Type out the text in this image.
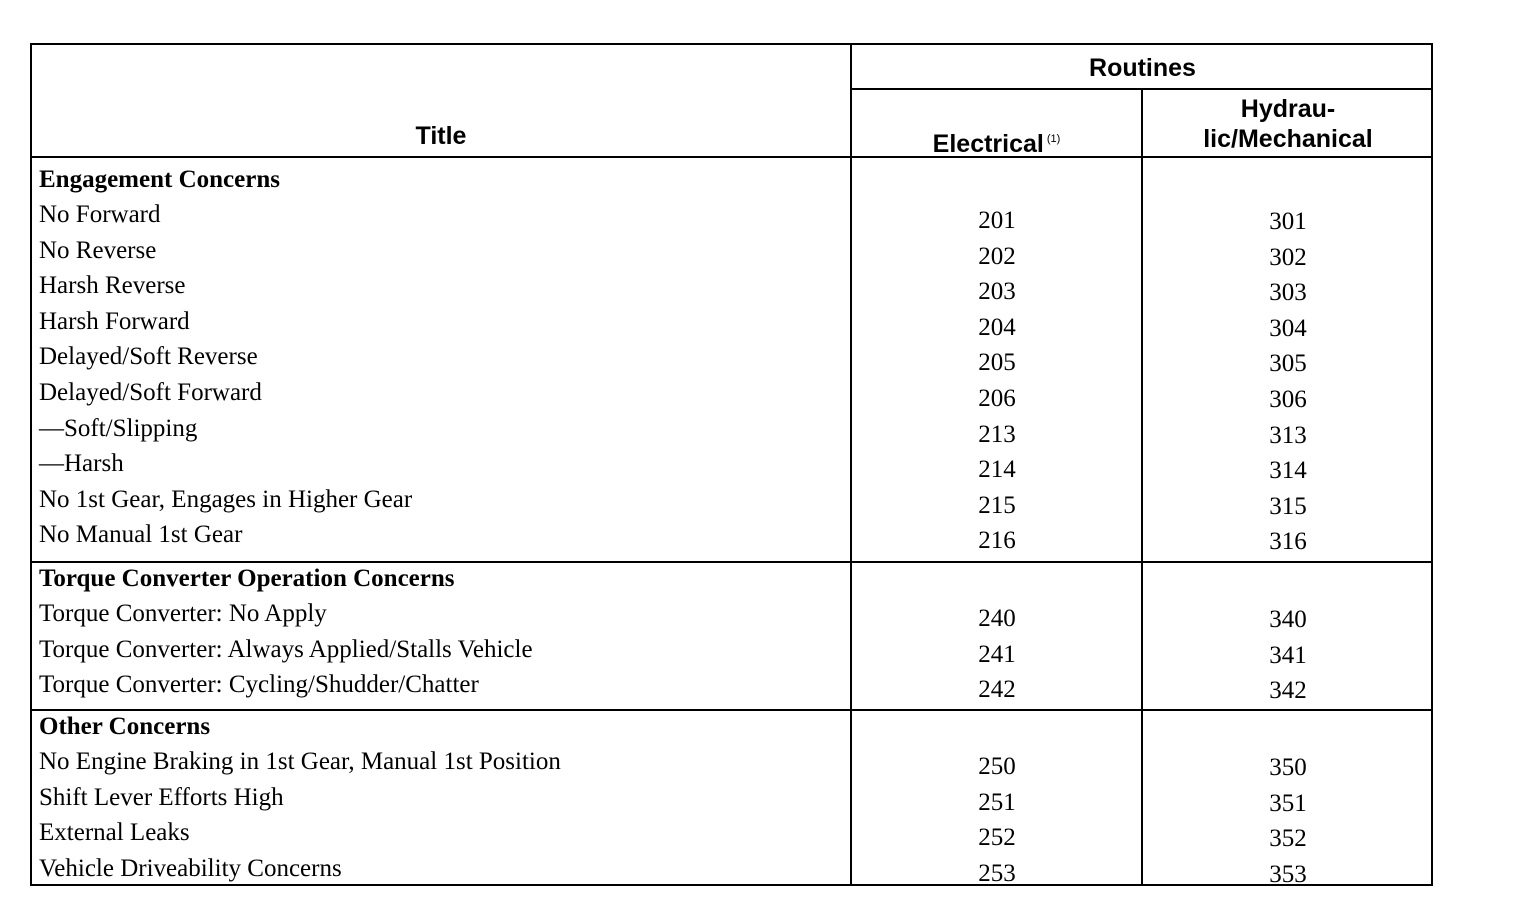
Title
Routines
Electrical $^{(1)}$
Hydrau-
lic/Mechanical
Engagement Concerns
No Forward
No Reverse
Harsh Reverse
Harsh Forward
Delayed/Soft Reverse
Delayed/Soft Forward
—Soft/Slipping
—Harsh
No 1st Gear, Engages in Higher Gear
No Manual 1st Gear
201
202
203
204
205
206
213
214
215
216
301
302
303
304
305
306
313
314
315
316
Torque Converter Operation Concerns
Torque Converter: No Apply
Torque Converter: Always Applied/Stalls Vehicle
Torque Converter: Cycling/Shudder/Chatter
240
241
242
340
341
342
Other Concerns
No Engine Braking in 1st Gear, Manual 1st Position
Shift Lever Efforts High
External Leaks
Vehicle Driveability Concerns
250
251
252
253
350
351
352
353
